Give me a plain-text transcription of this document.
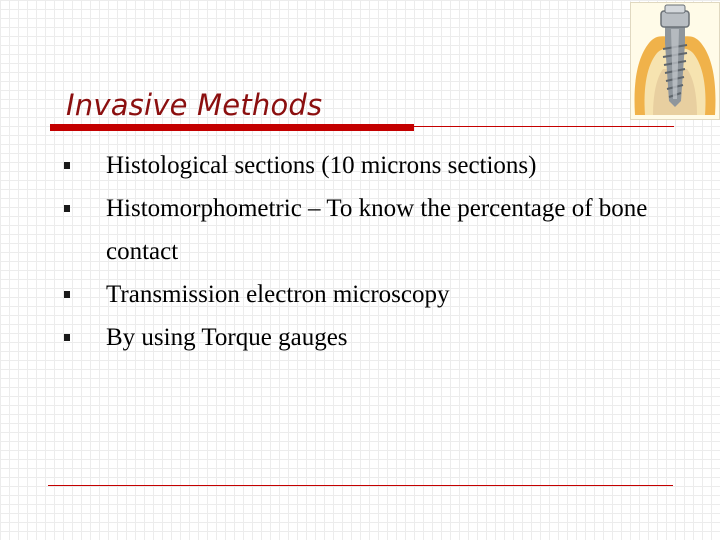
Invasive Methods
Histological sections (10 microns sections)
Histomorphometric – To know the percentage of bone contact
Transmission electron microscopy
By using Torque gauges
